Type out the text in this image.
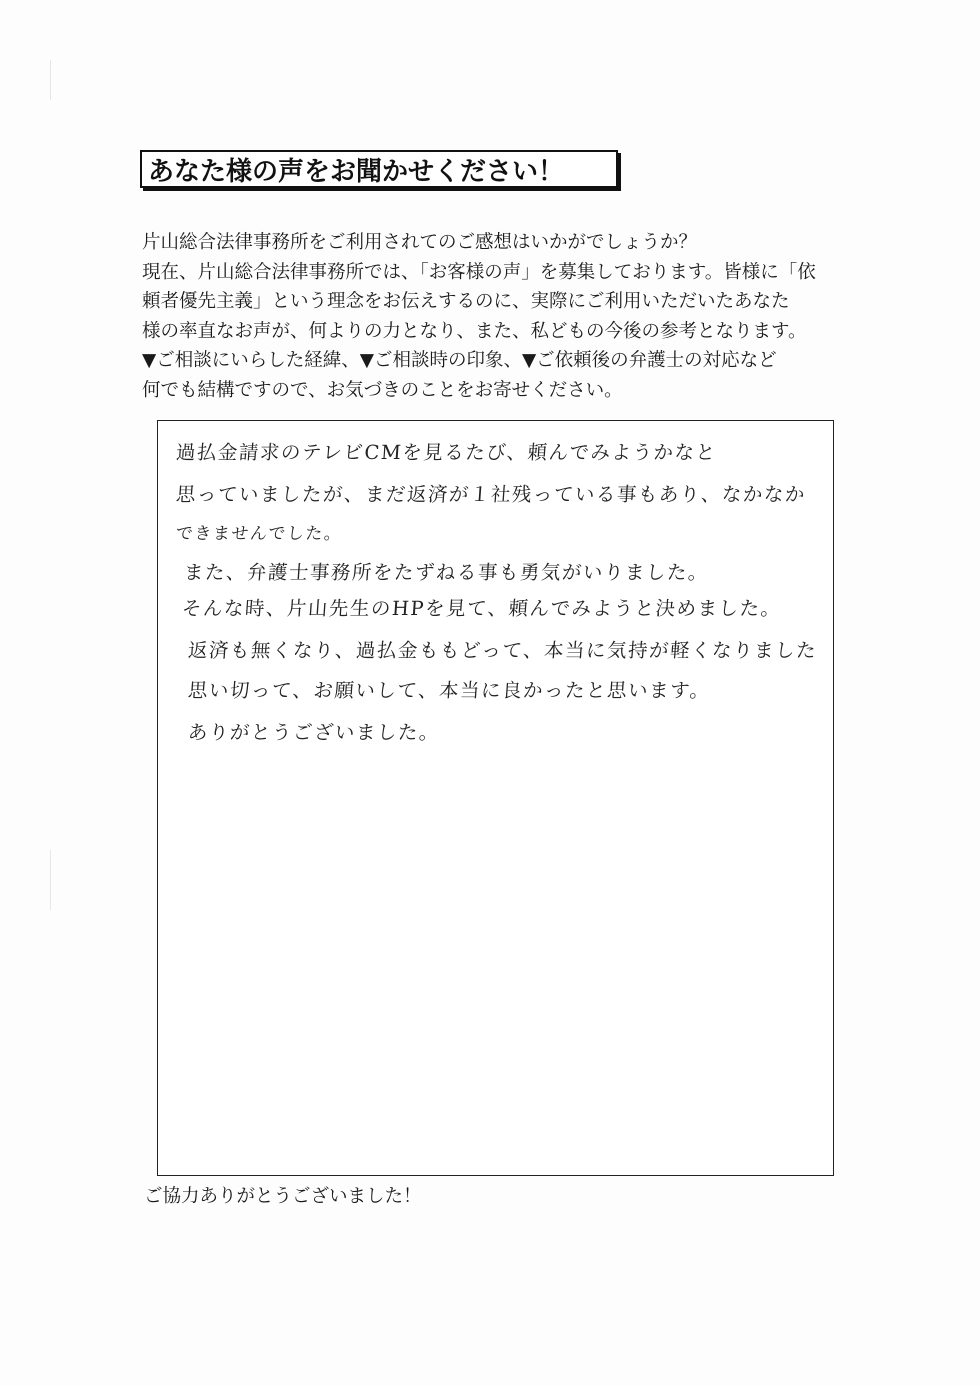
あなた様の声をお聞かせください！
片山総合法律事務所をご利用されてのご感想はいかがでしょうか？
現在、片山総合法律事務所では、「お客様の声」を募集しております。皆様に「依
頼者優先主義」という理念をお伝えするのに、実際にご利用いただいたあなた
様の率直なお声が、何よりの力となり、また、私どもの今後の参考となります。
▼ご相談にいらした経緯、▼ご相談時の印象、▼ご依頼後の弁護士の対応など
何でも結構ですので、お気づきのことをお寄せください。
過払金請求のテレビCMを見るたび、頼んでみようかなと
思っていましたが、まだ返済が１社残っている事もあり、なかなか
できませんでした。
また、弁護士事務所をたずねる事も勇気がいりました。
そんな時、片山先生のHPを見て、頼んでみようと決めました。
返済も無くなり、過払金ももどって、本当に気持が軽くなりました
思い切って、お願いして、本当に良かったと思います。
ありがとうございました。
ご協力ありがとうございました！
